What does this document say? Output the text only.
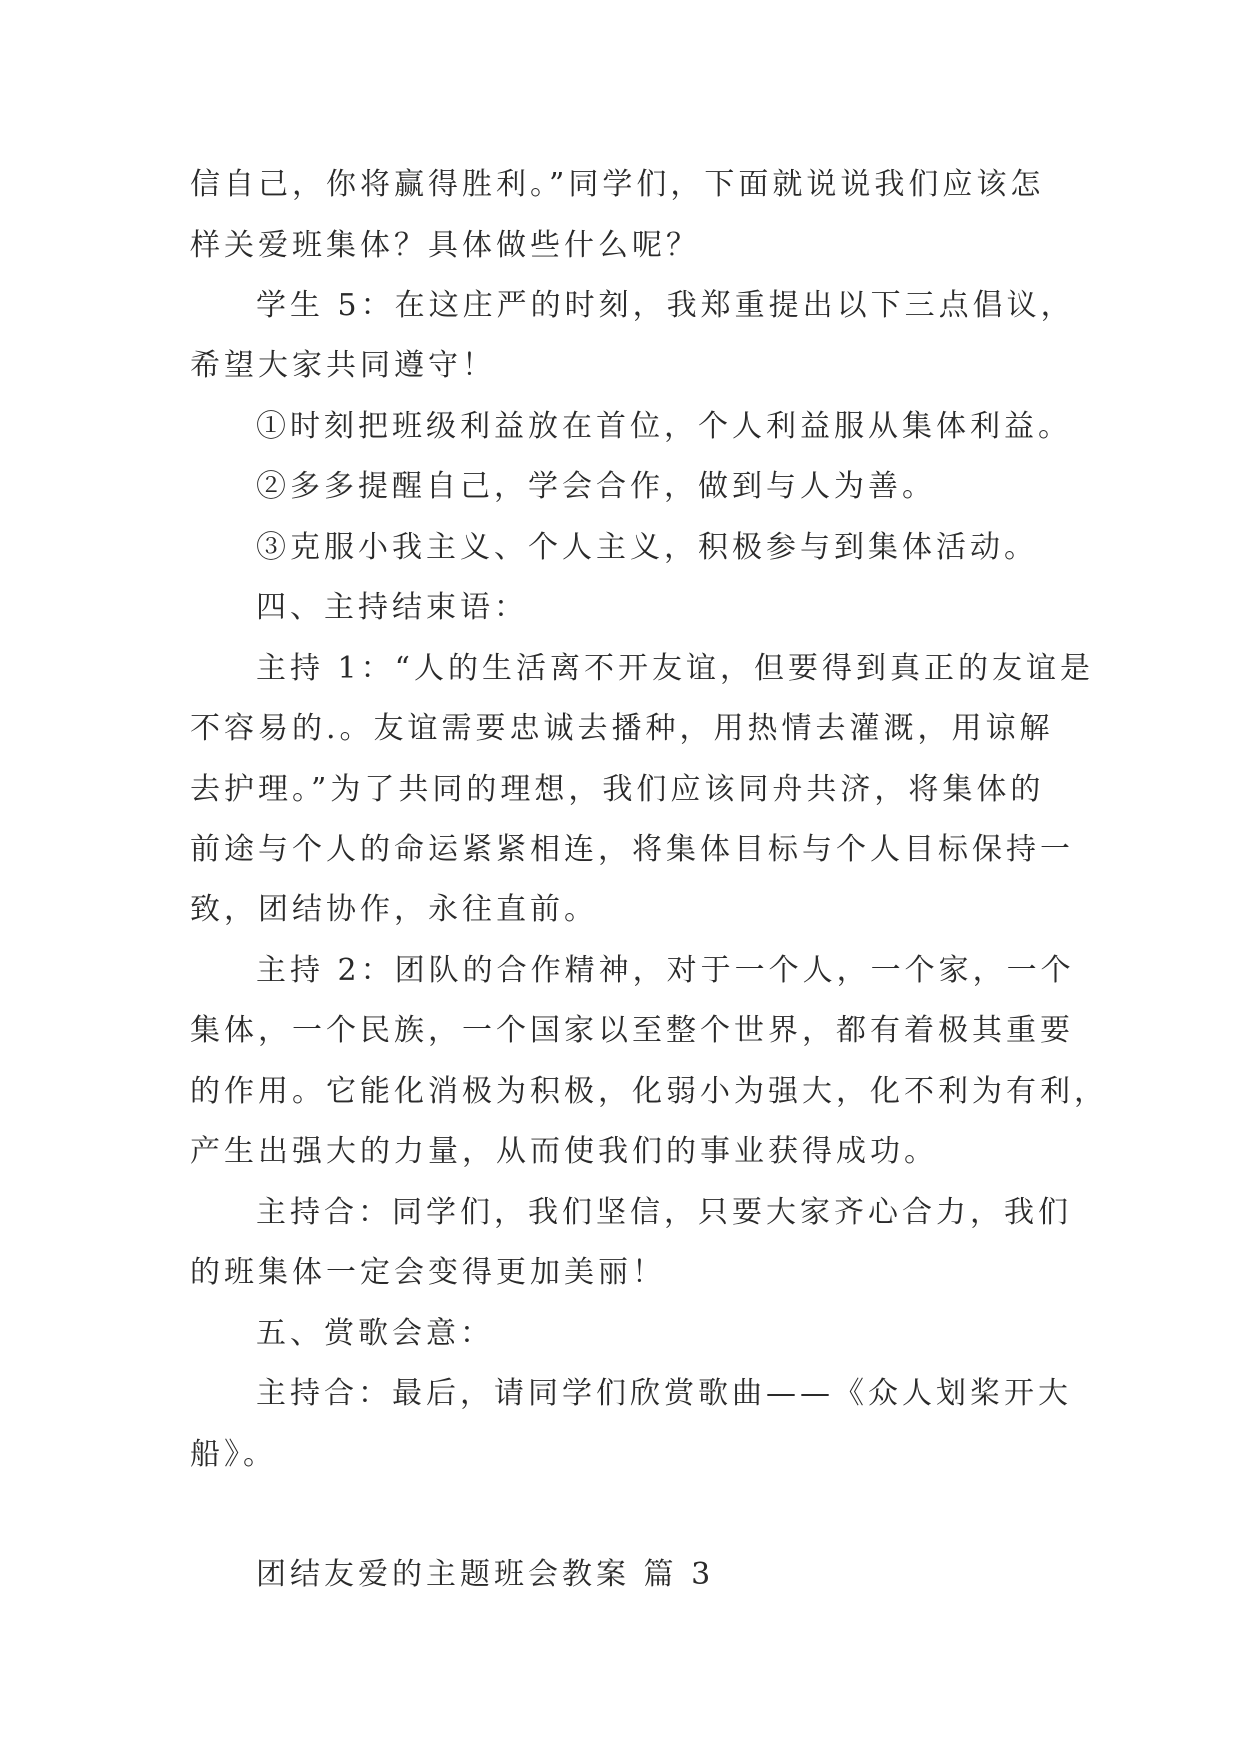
信自己，你将赢得胜利。”同学们，下面就说说我们应该怎
样关爱班集体？具体做些什么呢？
学生 5：在这庄严的时刻，我郑重提出以下三点倡议，
希望大家共同遵守！
①时刻把班级利益放在首位，个人利益服从集体利益。
②多多提醒自己，学会合作，做到与人为善。
③克服小我主义、个人主义，积极参与到集体活动。
四、主持结束语：
主持 1：“人的生活离不开友谊，但要得到真正的友谊是
不容易的.。友谊需要忠诚去播种，用热情去灌溉，用谅解
去护理。”为了共同的理想，我们应该同舟共济，将集体的
前途与个人的命运紧紧相连，将集体目标与个人目标保持一
致，团结协作，永往直前。
主持 2：团队的合作精神，对于一个人，一个家，一个
集体，一个民族，一个国家以至整个世界，都有着极其重要
的作用。它能化消极为积极，化弱小为强大，化不利为有利，
产生出强大的力量，从而使我们的事业获得成功。
主持合：同学们，我们坚信，只要大家齐心合力，我们
的班集体一定会变得更加美丽！
五、赏歌会意：
主持合：最后，请同学们欣赏歌曲——《众人划桨开大
船》。
团结友爱的主题班会教案 篇 3
